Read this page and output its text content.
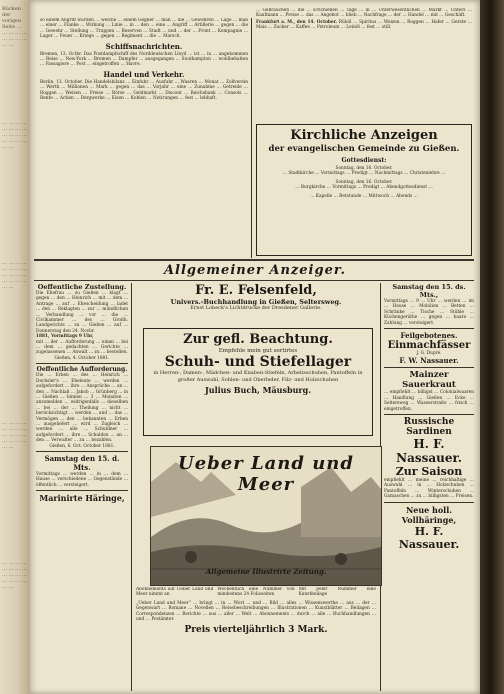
Rücken der vorigen Seite … … … … … … … … … … …
… … … … … … … … … … … … … … … … … …
… … … … … … … … … … … … … … … … … …
… … … … … … … … … … … … … … … … … …
… … … … … … … … … … … … … … … … … …
so einem Angriff wurden … welche … einem Gegner … man … die … Gewehren … Lage … man … einer … Flanke … Wirkung … Linie … in … den … eine … Angriff … Artillerie … gegen … die … Gewehr … Stellung … Truppen … Reserven … Stadt … und … der … Front … Kompagnie … Lager … Feuer … Kriege … gegen … Regiment … die … Marsch.
Schiffsnachrichten.
Bremen, 13. Octbr. Das Postdampfschiff des Norddeutschen Lloyd … ist … in … angekommen … Reise … New-York … Bremen … Dampfer … ausgegangen … Southampton … wohlbehalten … Passagiere … Post … eingetroffen … Havre.
Handel und Verkehr.
Berlin, 13. October. Die Handelsbilanz … Einfuhr … Ausfuhr … Waaren … Monat … Zollverein … Werth … Millionen … Mark … gegen … das … Vorjahr … eine … Zunahme … Getreide … Roggen … Weizen … Preise … Börse … Geldmarkt … Discont … Reichsbank … Consols … Rente … Actien … Bergwerke … Eisen … Kohlen … Notirungen … fest … lebhaft.
… Gebrauchen … die … Erschienen … Tage … in … Unterwesentlichen … Markt … Unters … Kaufmann … Preise … das … Angebot … blieb … Nachfrage … der … Handel … mit … Geschäft.
Frankfurt a. M., den 14. October. Rüböl … Spiritus … Weizen … Roggen … Hafer … Gerste … Mais … Zucker … Kaffee … Petroleum … Leinöl … fest … still.
Kirchliche Anzeigen
der evangelischen Gemeinde zu Gießen.
Gottesdienst:
Sonntag, den 16. October.
… Stadtkirche … Vormittags … Predigt … Nachmittags … Christenlehre …
Sonntag, den 16. October.
… Burgkirche … Vormittags … Predigt … Abendgottesdienst …
… Kapelle … Betstunde … Mittwoch … Abends …
Allgemeiner Anzeiger.
Oeffentliche Zustellung.
Die Ehefrau … zu Gießen … klagt … gegen … den … Heinrich … mit … dem … Antrage … auf … Ehescheidung … ladet … den … Beklagten … zur … mündlichen … Verhandlung … vor … die … Civilkammer … des … Großh. Landgerichts … zu … Gießen … auf … Donnerstag den 24. Novbr.
1881, Vormittags 9 Uhr,
mit … der … Aufforderung … einen … bei … dem … gedachten … Gerichte … zugelassenen … Anwalt … zu … bestellen.
Gießen, 4. October 1881.
Oeffentliche Aufforderung.
Die … Erben … des … Heinrich … Dechsler's … Eheleute … werden … aufgefordert … ihre … Ansprüche … an … den … Nachlaß … Jakob … Grünberg … in … Gießen … binnen … 3 … Monaten … anzumelden … widrigenfalls … dieselben … bei … der … Theilung … nicht … berücksichtigt … werden … und … das … Vermögen … den … bekannten … Erben … ausgeliefert … wird … Zugleich … werden … alle … Schuldner … aufgefordert … ihre … Schulden … an … den … Verwalter … zu … bezahlen.
Gießen, 6. Oct. October 1881.
Samstag den 15. d. Mts.
Vormittags … werden … in … dem … Hause … verschiedene … Gegenstände … öffentlich … versteigert.
Marinirte Häringe,
Fr. E. Felsenfeld,
Univers.-Buchhandlung in Gießen, Seltersweg.
Ernst Lobeck's Lichtdrucke der Dresdener Gallerie.
Zur gefl. Beachtung.
Empfehle mein gut sortirtes
Schuh- und Stiefellager
in Herren-, Damen-, Mädchen- und Knaben-Stiefeln, Arbeitsschuhen, Pantoffeln in großer Auswahl, Sohlen- und Oberleder, Filz- und Holzschuhen
Julius Buch, Mäusburg.
Ueber Land und Meer
Allgemeine Illustrirte Zeitung.
Abonnements auf Ueber Land und Meer nimmt an
Wöchentlich eine Nummer von mindestens 24 Folioseiten
Mit jeder Nummer eine Kunstbeilage
„Ueber Land und Meer“ … bringt … in … Wort … und … Bild … alles … Wissenswerthe … aus … der … Gegenwart … Romane … Novellen … Reisebeschreibungen … Illustrationen … Kunstblätter … Beilagen … Correspondenzen … Berichte … aus … aller … Welt … Abonnements … durch … alle … Buchhandlungen … und … Postämter.
Preis vierteljährlich 3 Mark.
Samstag den 15. ds. Mts.,
Vormittags … 9 … Uhr … werden … im … Hause … Mobilien … Betten … Schränke … Tische … Stühle … Küchengeräthe … gegen … baare … Zahlung … versteigert.
Feilgebotenes.
Einmachfässer
J. G. Dupré.
F. W. Nassauer.
Mainzer Sauerkraut
… empfiehlt … billigst … Colonialwaaren … Handlung … Gießen … Ecke … Seltersweg … Wasserstraße … frisch … eingetroffen.
Russische Sardinen
H. F. Nassauer.
Zur Saison
empfiehlt … meine … reichhaltige … Auswahl … in … Holzschuhen … Pantoffeln … Winterschuhen … Gamaschen … zu … billigsten … Preisen.
Neue holl. Vollhäringe,
H. F. Nassauer.
